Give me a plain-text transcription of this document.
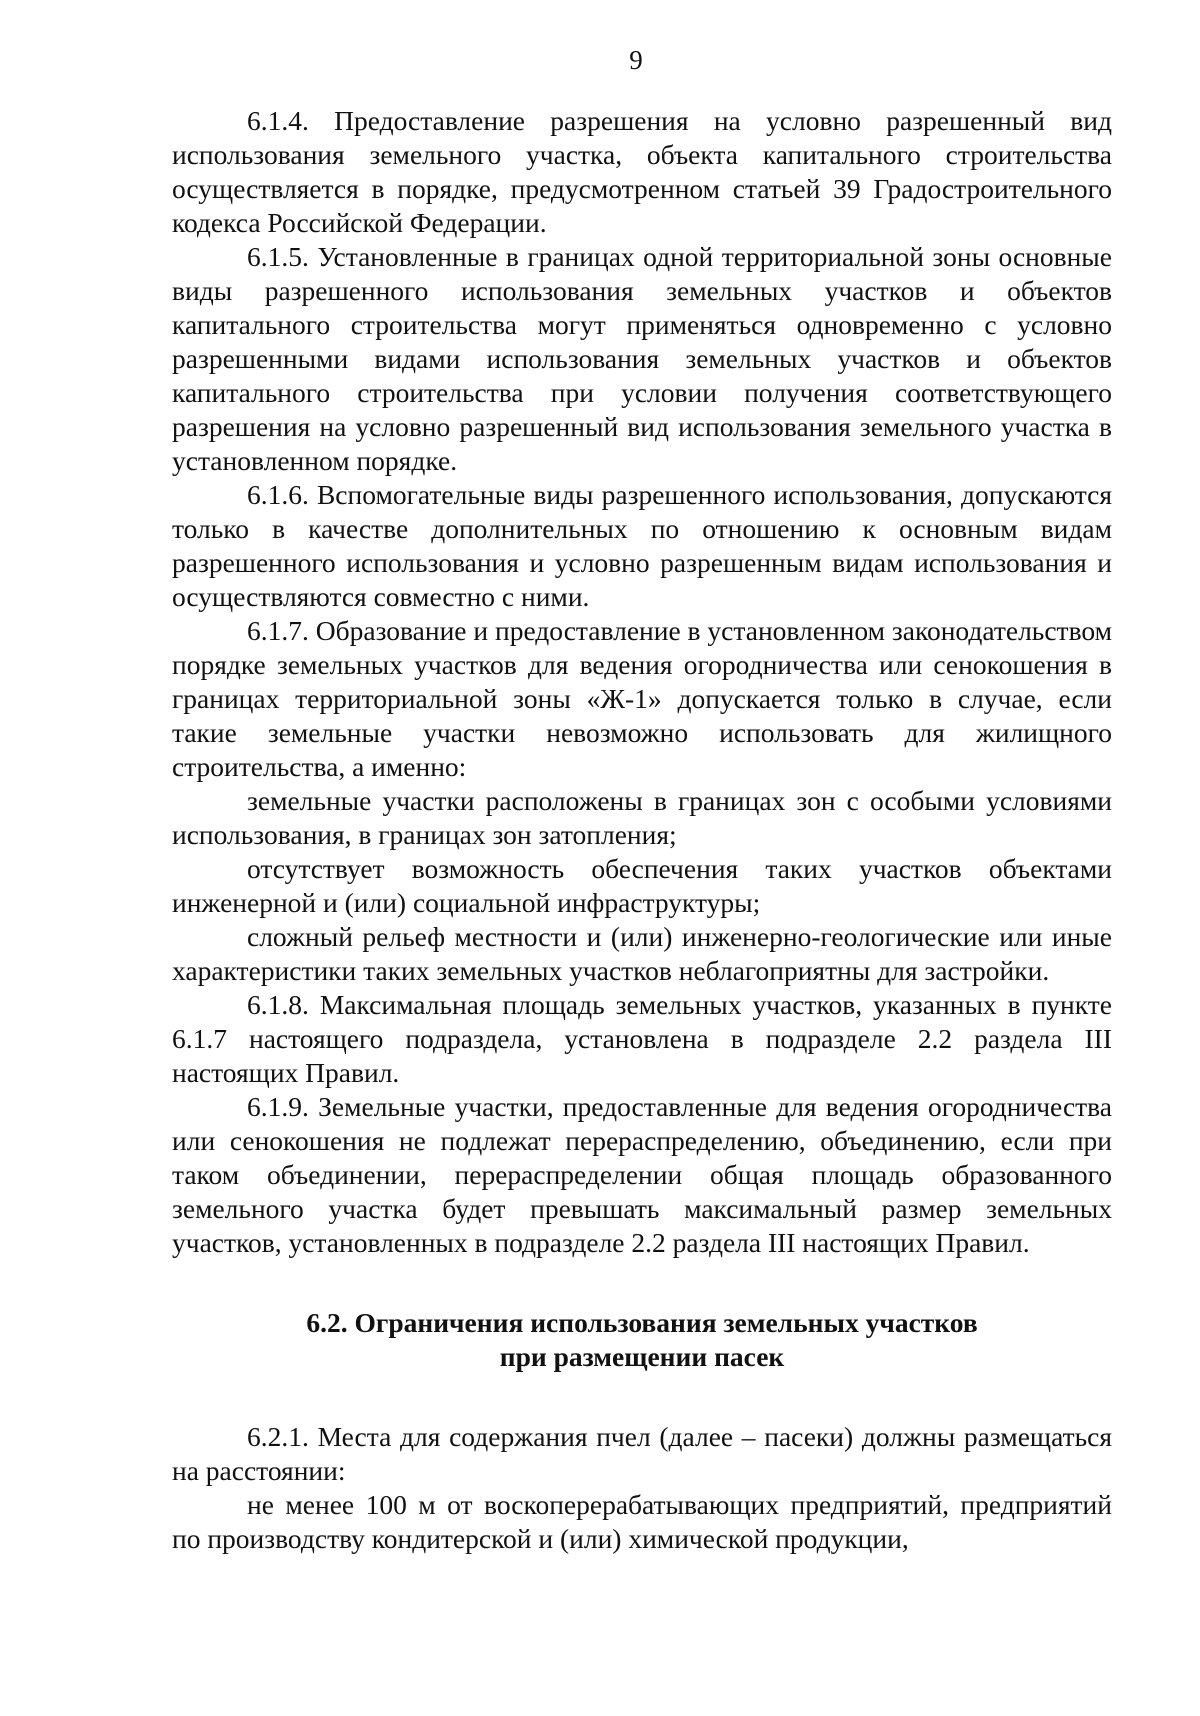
9

6.1.4. Предоставление разрешения на условно разрешенный вид использования земельного участка, объекта капитального строительства осуществляется в порядке, предусмотренном статьей 39 Градостроительного кодекса Российской Федерации.

6.1.5. Установленные в границах одной территориальной зоны основные виды разрешенного использования земельных участков и объектов капитального строительства могут применяться одновременно с условно разрешенными видами использования земельных участков и объектов капитального строительства при условии получения соответствующего разрешения на условно разрешенный вид использования земельного участка в установленном порядке.

6.1.6. Вспомогательные виды разрешенного использования, допускаются только в качестве дополнительных по отношению к основным видам разрешенного использования и условно разрешенным видам использования и осуществляются совместно с ними.

6.1.7. Образование и предоставление в установленном законодательством порядке земельных участков для ведения огородничества или сенокошения в границах территориальной зоны «Ж-1» допускается только в случае, если такие земельные участки невозможно использовать для жилищного строительства, а именно:

земельные участки расположены в границах зон с особыми условиями использования, в границах зон затопления;

отсутствует возможность обеспечения таких участков объектами инженерной и (или) социальной инфраструктуры;

сложный рельеф местности и (или) инженерно-геологические или иные характеристики таких земельных участков неблагоприятны для застройки.

6.1.8. Максимальная площадь земельных участков, указанных в пункте 6.1.7 настоящего подраздела, установлена в подразделе 2.2 раздела III настоящих Правил.

6.1.9. Земельные участки, предоставленные для ведения огородничества или сенокошения не подлежат перераспределению, объединению, если при таком объединении, перераспределении общая площадь образованного земельного участка будет превышать максимальный размер земельных участков, установленных в подразделе 2.2 раздела III настоящих Правил.

6.2. Ограничения использования земельных участков
при размещении пасек

6.2.1. Места для содержания пчел (далее – пасеки) должны размещаться на расстоянии:

не менее 100 м от воскоперерабатывающих предприятий, предприятий по производству кондитерской и (или) химической продукции,
